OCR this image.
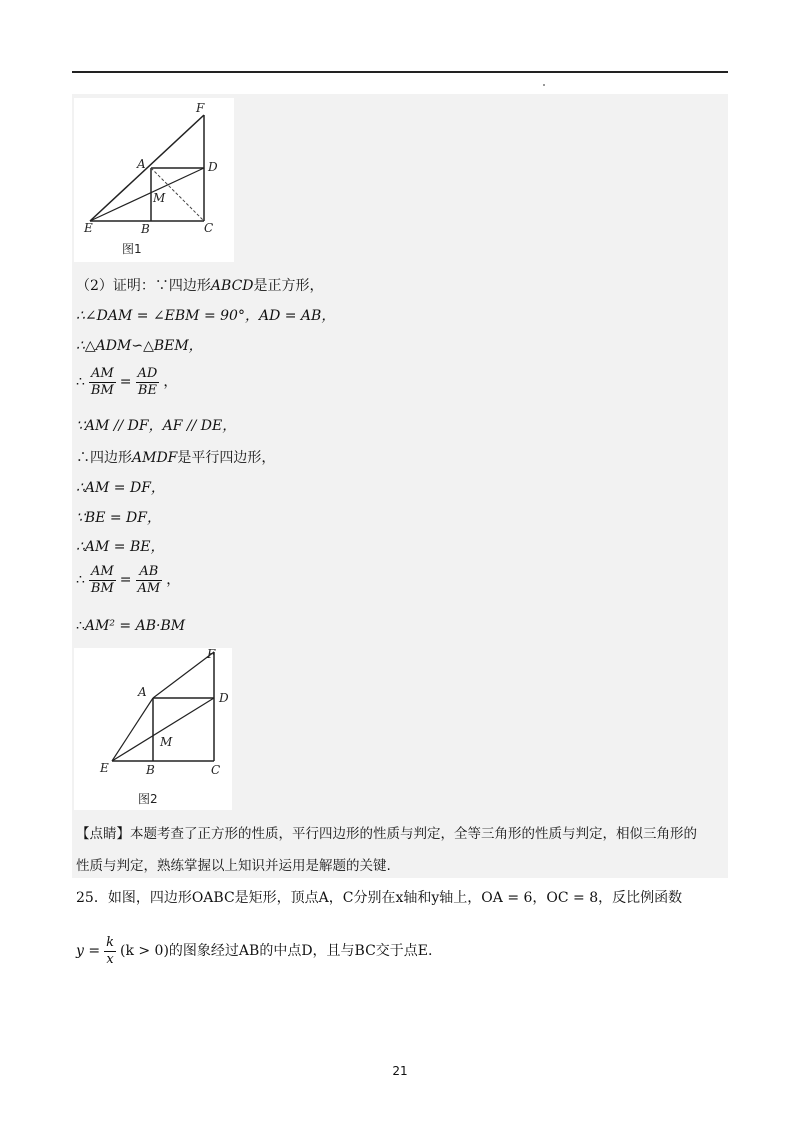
F
A	D
M
E	B	C
图1
（2）证明：∵四边形ABCD是正方形，
∴∠DAM = ∠EBM = 90°，AD = AB，
∴△ADM∽△BEM，
∴ $\frac{AM}{BM} = \frac{AD}{BE}$ ，
∵AM // DF，AF // DE，
∴四边形AMDF是平行四边形，
∴AM = DF，
∵BE = DF，
∴AM = BE，
∴ $\frac{AM}{BM} = \frac{AB}{AM}$ ，
∴AM² = AB·BM
F
A	D
M
E	B	C
图2
【点睛】本题考查了正方形的性质，平行四边形的性质与判定，全等三角形的性质与判定，相似三角形的
性质与判定，熟练掌握以上知识并运用是解题的关键.
25．如图，四边形OABC是矩形，顶点A，C分别在x轴和y轴上，OA = 6，OC = 8，反比例函数
$y = \frac{k}{x} (k > 0)$的图象经过AB的中点D，且与BC交于点E.
21
